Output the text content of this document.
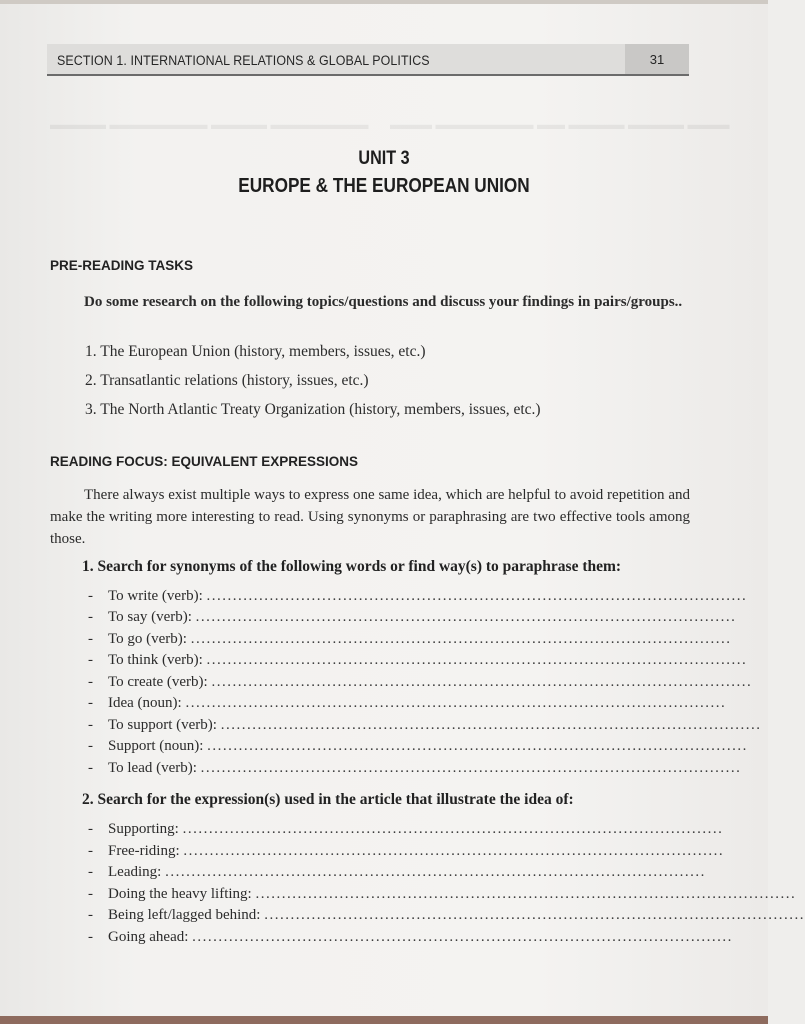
▬▬▬▬ ▬▬▬▬▬▬▬ ▬▬▬▬ ▬▬▬▬▬▬▬ ▬▬▬ ▬▬▬▬▬▬▬ ▬▬ ▬▬▬▬ ▬▬▬▬ ▬▬▬
SECTION 1. INTERNATIONAL RELATIONS & GLOBAL POLITICS	31
UNIT 3
EUROPE & THE EUROPEAN UNION
PRE-READING TASKS
Do some research on the following topics/questions and discuss your findings in pairs/groups..
1. The European Union (history, members, issues, etc.)
2. Transatlantic relations (history, issues, etc.)
3. The North Atlantic Treaty Organization (history, members, issues, etc.)
READING FOCUS: EQUIVALENT EXPRESSIONS
There always exist multiple ways to express one same idea, which are helpful to avoid repetition and make the writing more interesting to read. Using synonyms or paraphrasing are two effective tools among those.
1. Search for synonyms of the following words or find way(s) to paraphrase them:
- To write (verb): .......................................................................................................
- To say (verb): .......................................................................................................
- To go (verb): .......................................................................................................
- To think (verb): .......................................................................................................
- To create (verb): .......................................................................................................
- Idea (noun): .......................................................................................................
- To support (verb): .......................................................................................................
- Support (noun): .......................................................................................................
- To lead (verb): .......................................................................................................
2. Search for the expression(s) used in the article that illustrate the idea of:
- Supporting: .......................................................................................................
- Free-riding: .......................................................................................................
- Leading: .......................................................................................................
- Doing the heavy lifting: .......................................................................................................
- Being left/lagged behind: .......................................................................................................
- Going ahead: .......................................................................................................
